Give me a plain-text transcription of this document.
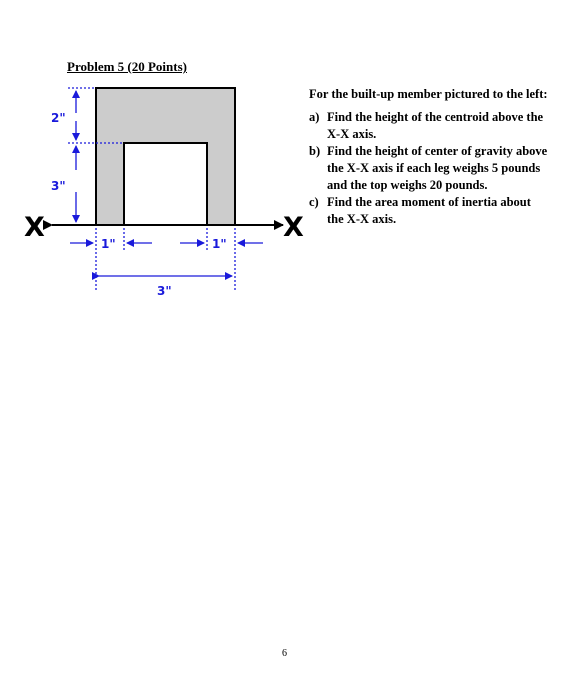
Problem 5 (20 Points)
X	X
2"
3"
1"	1"
3"

For the built-up member pictured to the left:

a) Find the height of the centroid above the X-X axis.
b) Find the height of center of gravity above the X-X axis if each leg weighs 5 pounds and the top weighs 20 pounds.
c) Find the area moment of inertia about the X-X axis.
6
